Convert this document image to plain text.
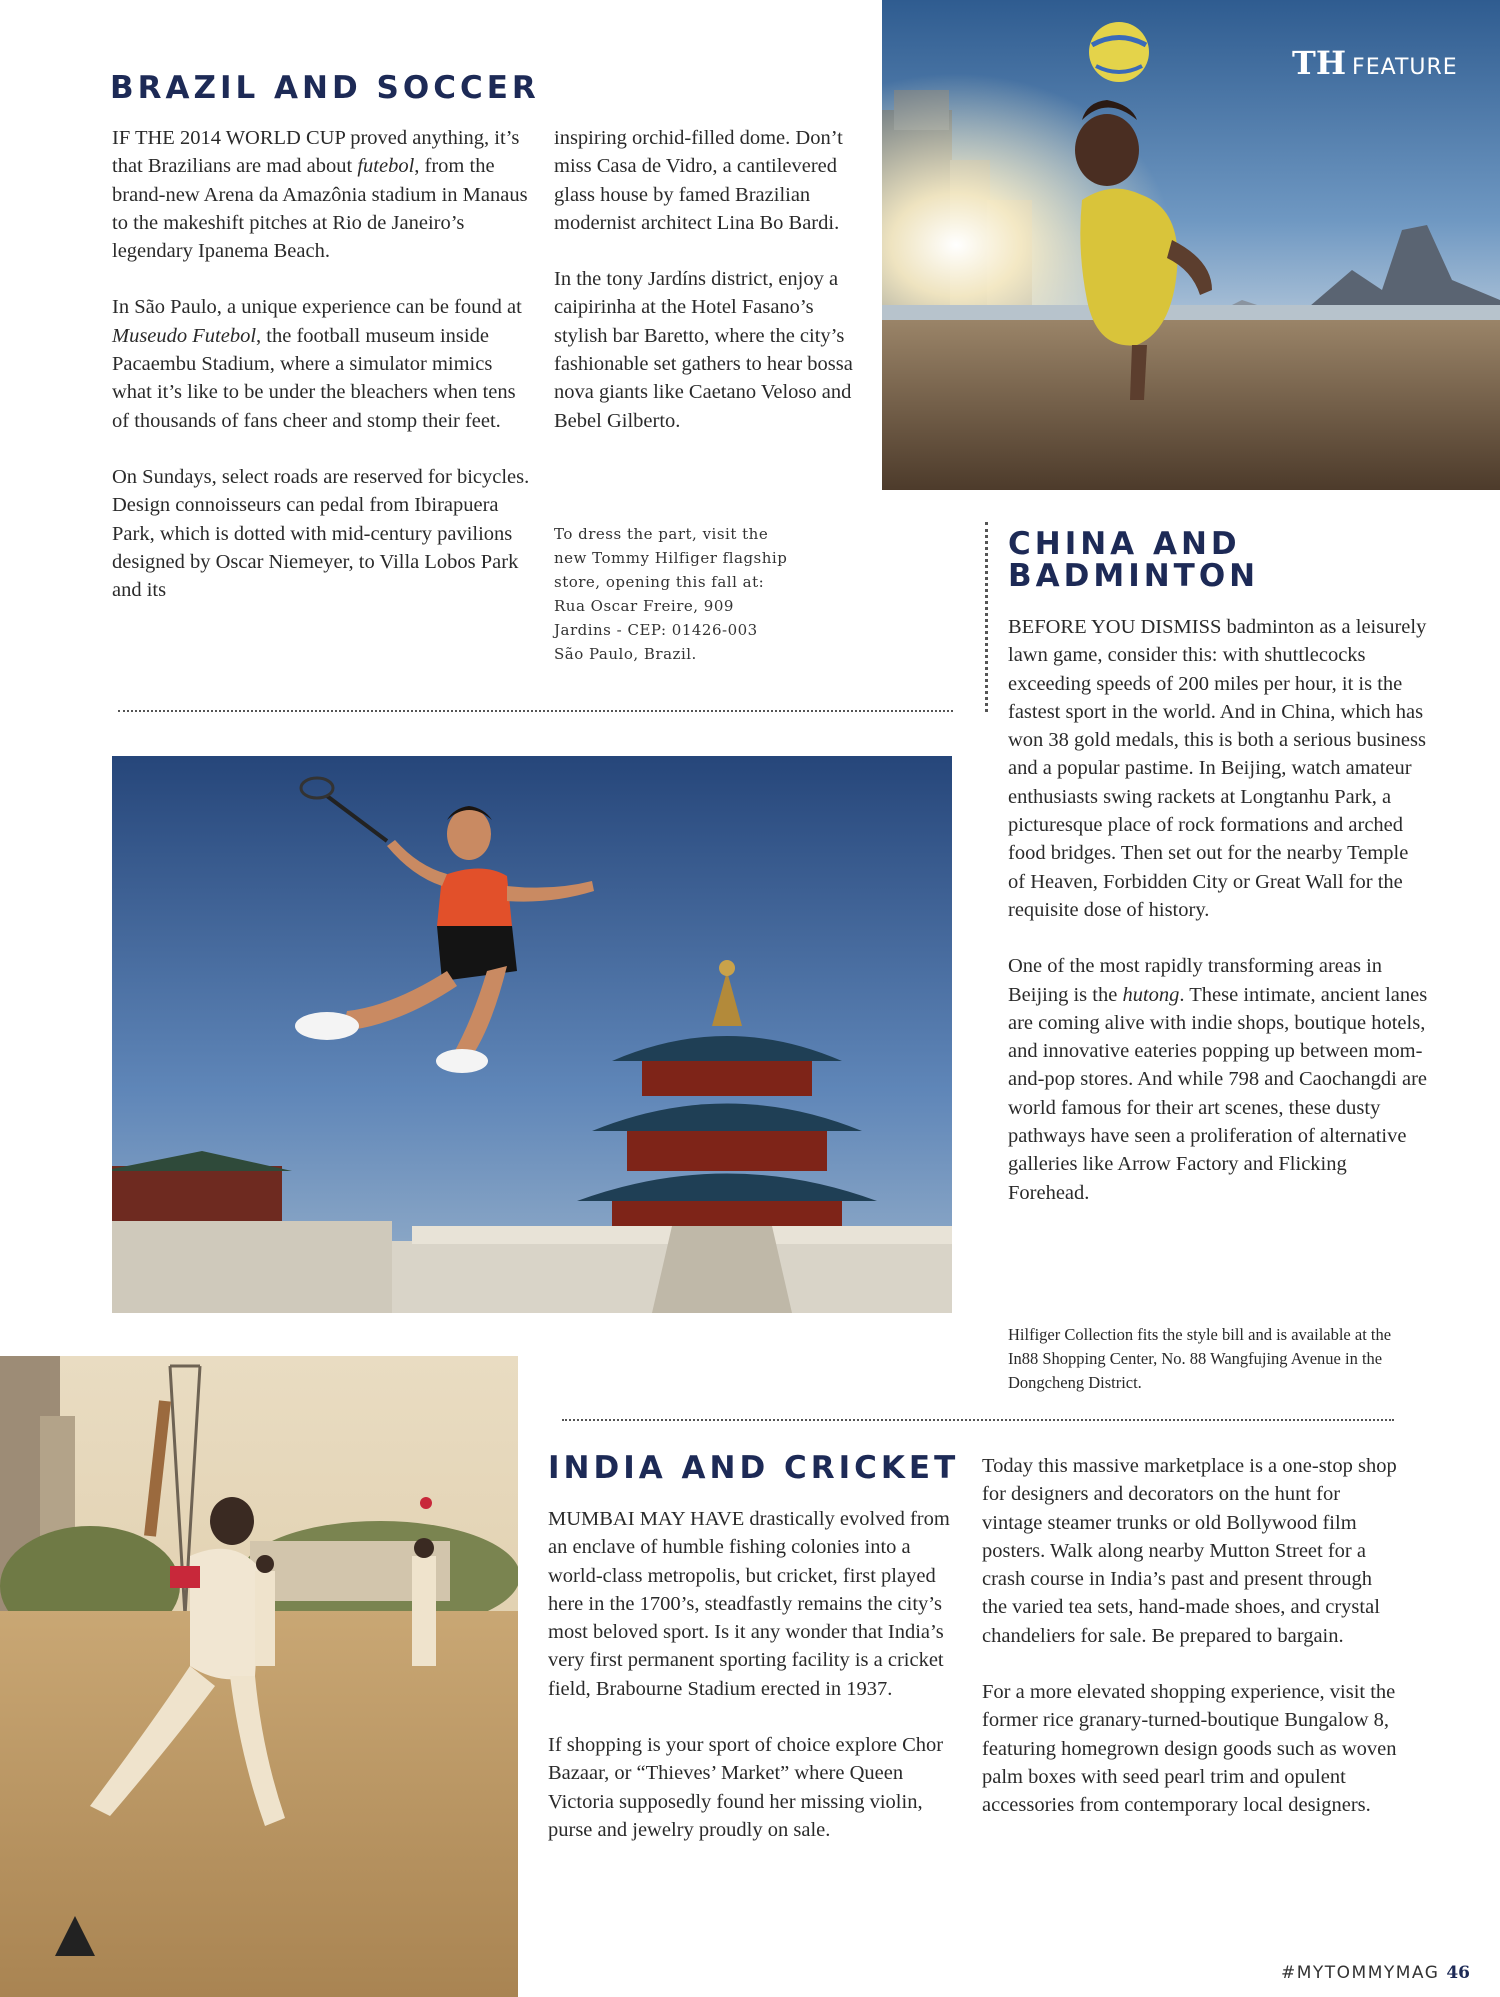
BRAZIL AND SOCCER

IF THE 2014 WORLD CUP proved anything, it’s that Brazilians are mad about futebol, from the brand-new Arena da Amazônia stadium in Manaus to the makeshift pitches at Rio de Janeiro’s legendary Ipanema Beach.

In São Paulo, a unique experience can be found at Museudo Futebol, the football museum inside Pacaembu Stadium, where a simulator mimics what it’s like to be under the bleachers when tens of thousands of fans cheer and stomp their feet.

On Sundays, select roads are reserved for bicycles. Design connoisseurs can pedal from Ibirapuera Park, which is dotted with mid-century pavilions designed by Oscar Niemeyer, to Villa Lobos Park and its

inspiring orchid-filled dome. Don’t miss Casa de Vidro, a cantilevered glass house by famed Brazilian modernist architect Lina Bo Bardi.

In the tony Jardíns district, enjoy a caipirinha at the Hotel Fasano’s stylish bar Baretto, where the city’s fashionable set gathers to hear bossa nova giants like Caetano Veloso and Bebel Gilberto.

To dress the part, visit the
new Tommy Hilfiger flagship
store, opening this fall at:
Rua Oscar Freire, 909
Jardins - CEP: 01426-003
São Paulo, Brazil.
TH FEATURE
CHINA AND
BADMINTON

BEFORE YOU DISMISS badminton as a leisurely lawn game, consider this: with shuttlecocks exceeding speeds of 200 miles per hour, it is the fastest sport in the world. And in China, which has won 38 gold medals, this is both a serious business and a popular pastime. In Beijing, watch amateur enthusiasts swing rackets at Longtanhu Park, a picturesque place of rock formations and arched food bridges. Then set out for the nearby Temple of Heaven, Forbidden City or Great Wall for the requisite dose of history.

One of the most rapidly transforming areas in Beijing is the hutong. These intimate, ancient lanes are coming alive with indie shops, boutique hotels, and innovative eateries popping up between mom-and-pop stores. And while 798 and Caochangdi are world famous for their art scenes, these dusty pathways have seen a proliferation of alternative galleries like Arrow Factory and Flicking Forehead.

Hilfiger Collection fits the style bill and is available at the In88 Shopping Center, No. 88 Wangfujing Avenue in the Dongcheng District.
INDIA AND CRICKET

MUMBAI MAY HAVE drastically evolved from an enclave of humble fishing colonies into a world-class metropolis, but cricket, first played here in the 1700’s, steadfastly remains the city’s most beloved sport. Is it any wonder that India’s very first permanent sporting facility is a cricket field, Brabourne Stadium erected in 1937.

If shopping is your sport of choice explore Chor Bazaar, or “Thieves’ Market” where Queen Victoria supposedly found her missing violin, purse and jewelry proudly on sale.

Today this massive marketplace is a one-stop shop for designers and decorators on the hunt for vintage steamer trunks or old Bollywood film posters. Walk along nearby Mutton Street for a crash course in India’s past and present through the varied tea sets, hand-made shoes, and crystal chandeliers for sale. Be prepared to bargain.

For a more elevated shopping experience, visit the former rice granary-turned-boutique Bungalow 8, featuring homegrown design goods such as woven palm boxes with seed pearl trim and opulent accessories from contemporary local designers.

#MYTOMMYMAG 46
